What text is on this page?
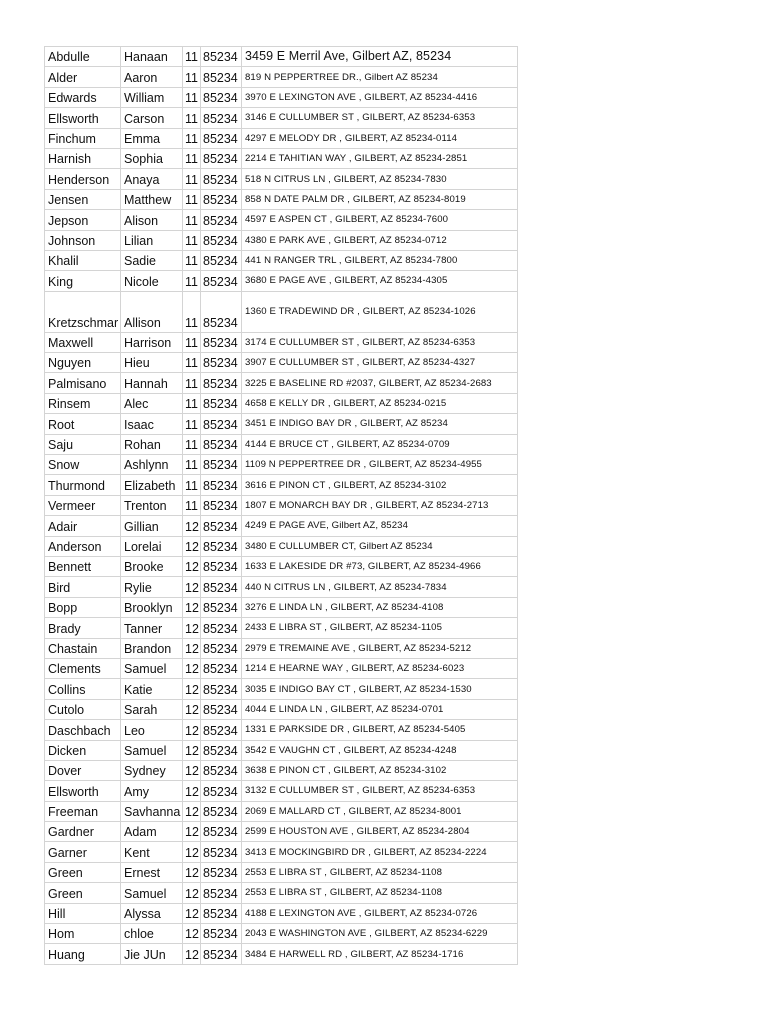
Abdulle	Hanaan	11	85234	3459 E Merril Ave, Gilbert AZ, 85234
Alder	Aaron	11	85234	819 N PEPPERTREE DR., Gilbert AZ 85234
Edwards	William	11	85234	3970 E LEXINGTON AVE , GILBERT, AZ 85234-4416
Ellsworth	Carson	11	85234	3146 E CULLUMBER ST , GILBERT, AZ 85234-6353
Finchum	Emma	11	85234	4297 E MELODY DR , GILBERT, AZ 85234-0114
Harnish	Sophia	11	85234	2214 E TAHITIAN WAY , GILBERT, AZ 85234-2851
Henderson	Anaya	11	85234	518 N CITRUS LN , GILBERT, AZ 85234-7830
Jensen	Matthew	11	85234	858 N DATE PALM DR , GILBERT, AZ 85234-8019
Jepson	Alison	11	85234	4597 E ASPEN CT , GILBERT, AZ 85234-7600
Johnson	Lilian	11	85234	4380 E PARK AVE , GILBERT, AZ 85234-0712
Khalil	Sadie	11	85234	441 N RANGER TRL , GILBERT, AZ 85234-7800
King	Nicole	11	85234	3680 E PAGE AVE , GILBERT, AZ 85234-4305
Kretzschmar	Allison	11	85234	1360 E TRADEWIND DR , GILBERT, AZ 85234-1026
Maxwell	Harrison	11	85234	3174 E CULLUMBER ST , GILBERT, AZ 85234-6353
Nguyen	Hieu	11	85234	3907 E CULLUMBER ST , GILBERT, AZ 85234-4327
Palmisano	Hannah	11	85234	3225 E BASELINE RD #2037, GILBERT, AZ 85234-2683
Rinsem	Alec	11	85234	4658 E KELLY DR , GILBERT, AZ 85234-0215
Root	Isaac	11	85234	3451 E INDIGO BAY DR , GILBERT, AZ 85234
Saju	Rohan	11	85234	4144 E BRUCE CT , GILBERT, AZ 85234-0709
Snow	Ashlynn	11	85234	1109 N PEPPERTREE DR , GILBERT, AZ 85234-4955
Thurmond	Elizabeth	11	85234	3616 E PINON CT , GILBERT, AZ 85234-3102
Vermeer	Trenton	11	85234	1807 E MONARCH BAY DR , GILBERT, AZ 85234-2713
Adair	Gillian	12	85234	4249 E PAGE AVE, Gilbert AZ, 85234
Anderson	Lorelai	12	85234	3480 E CULLUMBER CT, Gilbert AZ 85234
Bennett	Brooke	12	85234	1633 E LAKESIDE DR #73, GILBERT, AZ 85234-4966
Bird	Rylie	12	85234	440 N CITRUS LN , GILBERT, AZ 85234-7834
Bopp	Brooklyn	12	85234	3276 E LINDA LN , GILBERT, AZ 85234-4108
Brady	Tanner	12	85234	2433 E LIBRA ST , GILBERT, AZ 85234-1105
Chastain	Brandon	12	85234	2979 E TREMAINE AVE , GILBERT, AZ 85234-5212
Clements	Samuel	12	85234	1214 E HEARNE WAY , GILBERT, AZ 85234-6023
Collins	Katie	12	85234	3035 E INDIGO BAY CT , GILBERT, AZ 85234-1530
Cutolo	Sarah	12	85234	4044 E LINDA LN , GILBERT, AZ 85234-0701
Daschbach	Leo	12	85234	1331 E PARKSIDE DR , GILBERT, AZ 85234-5405
Dicken	Samuel	12	85234	3542 E VAUGHN CT , GILBERT, AZ 85234-4248
Dover	Sydney	12	85234	3638 E PINON CT , GILBERT, AZ 85234-3102
Ellsworth	Amy	12	85234	3132 E CULLUMBER ST , GILBERT, AZ 85234-6353
Freeman	Savhanna	12	85234	2069 E MALLARD CT , GILBERT, AZ 85234-8001
Gardner	Adam	12	85234	2599 E HOUSTON AVE , GILBERT, AZ 85234-2804
Garner	Kent	12	85234	3413 E MOCKINGBIRD DR , GILBERT, AZ 85234-2224
Green	Ernest	12	85234	2553 E LIBRA ST , GILBERT, AZ 85234-1108
Green	Samuel	12	85234	2553 E LIBRA ST , GILBERT, AZ 85234-1108
Hill	Alyssa	12	85234	4188 E LEXINGTON AVE , GILBERT, AZ 85234-0726
Hom	chloe	12	85234	2043 E WASHINGTON AVE , GILBERT, AZ 85234-6229
Huang	Jie JUn	12	85234	3484 E HARWELL RD , GILBERT, AZ 85234-1716
